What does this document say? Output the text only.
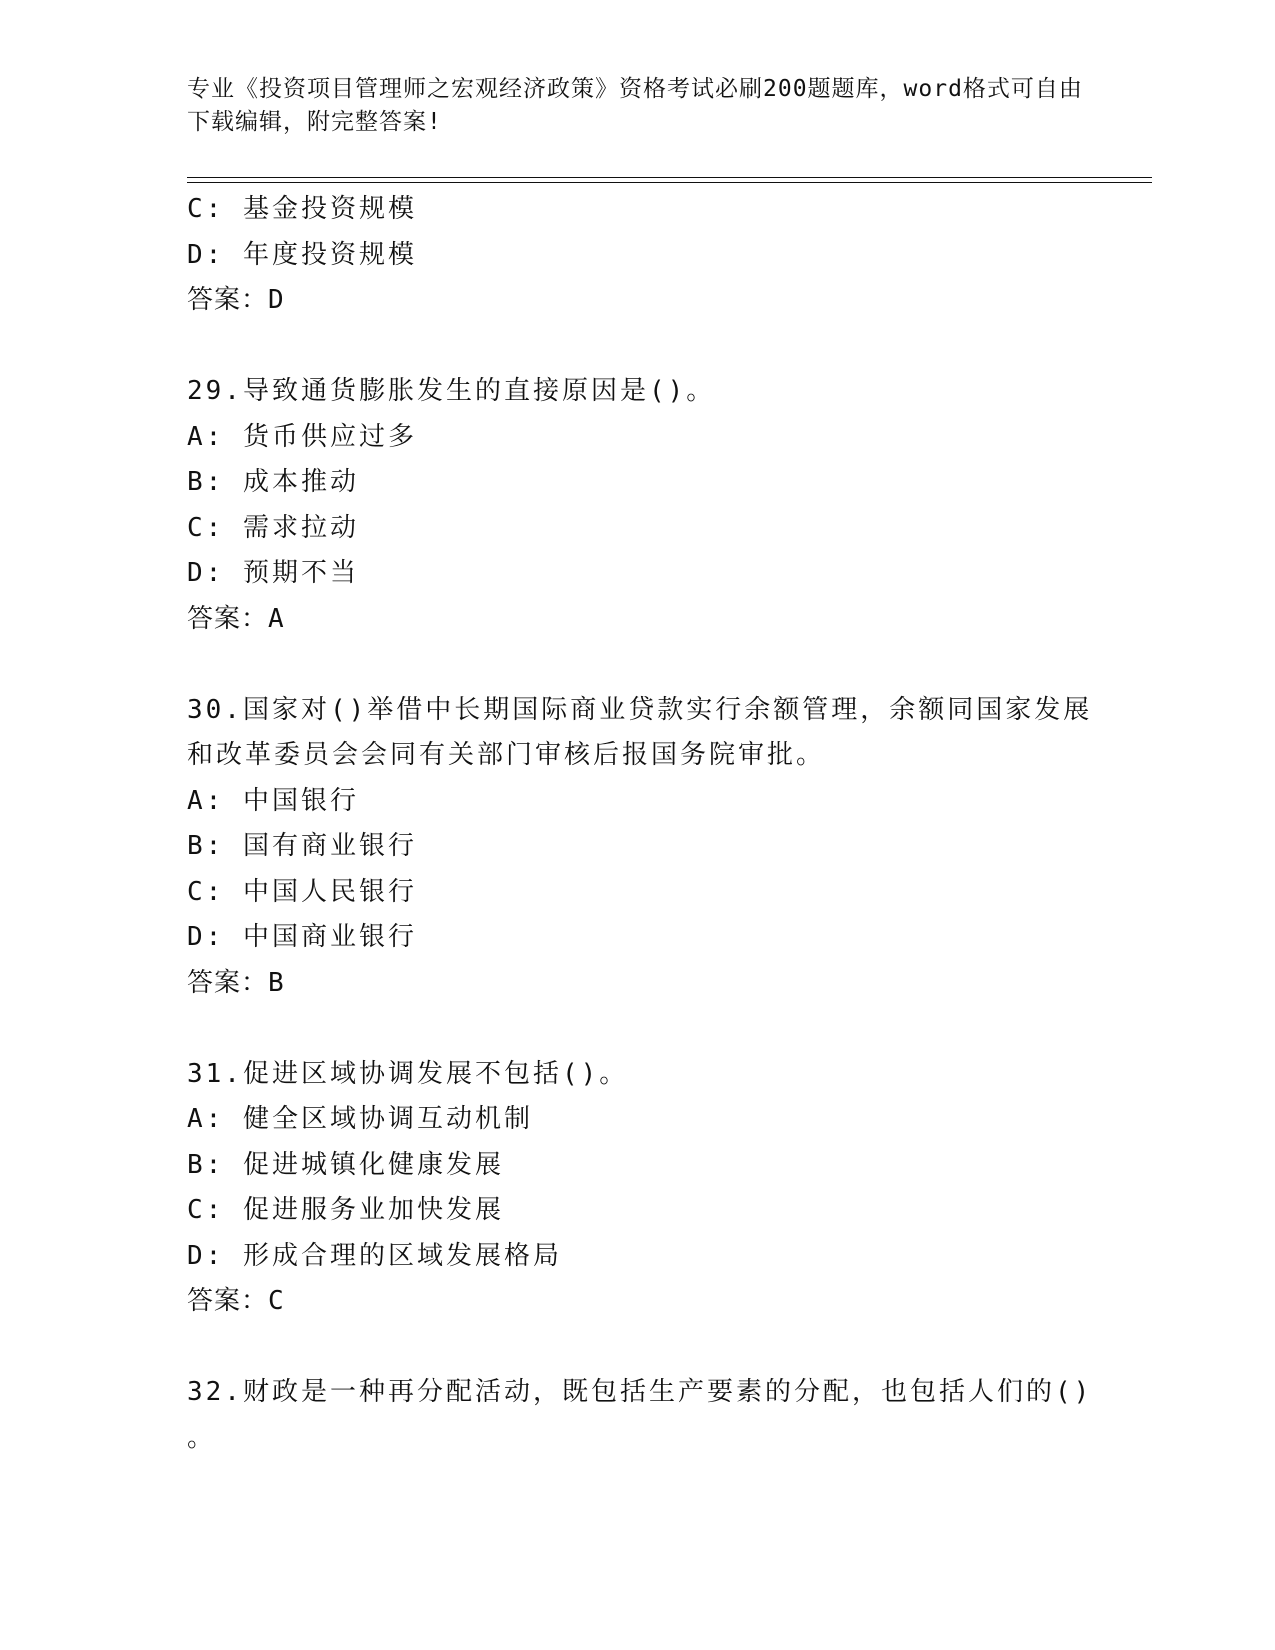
专业《投资项目管理师之宏观经济政策》资格考试必刷200题题库，word格式可自由下载编辑，附完整答案!
C: 基金投资规模
D: 年度投资规模
答案：D
29.导致通货膨胀发生的直接原因是()。
A: 货币供应过多
B: 成本推动
C: 需求拉动
D: 预期不当
答案：A
30.国家对()举借中长期国际商业贷款实行余额管理，余额同国家发展
和改革委员会会同有关部门审核后报国务院审批。
A: 中国银行
B: 国有商业银行
C: 中国人民银行
D: 中国商业银行
答案：B
31.促进区域协调发展不包括()。
A: 健全区域协调互动机制
B: 促进城镇化健康发展
C: 促进服务业加快发展
D: 形成合理的区域发展格局
答案：C
32.财政是一种再分配活动，既包括生产要素的分配，也包括人们的()
。
